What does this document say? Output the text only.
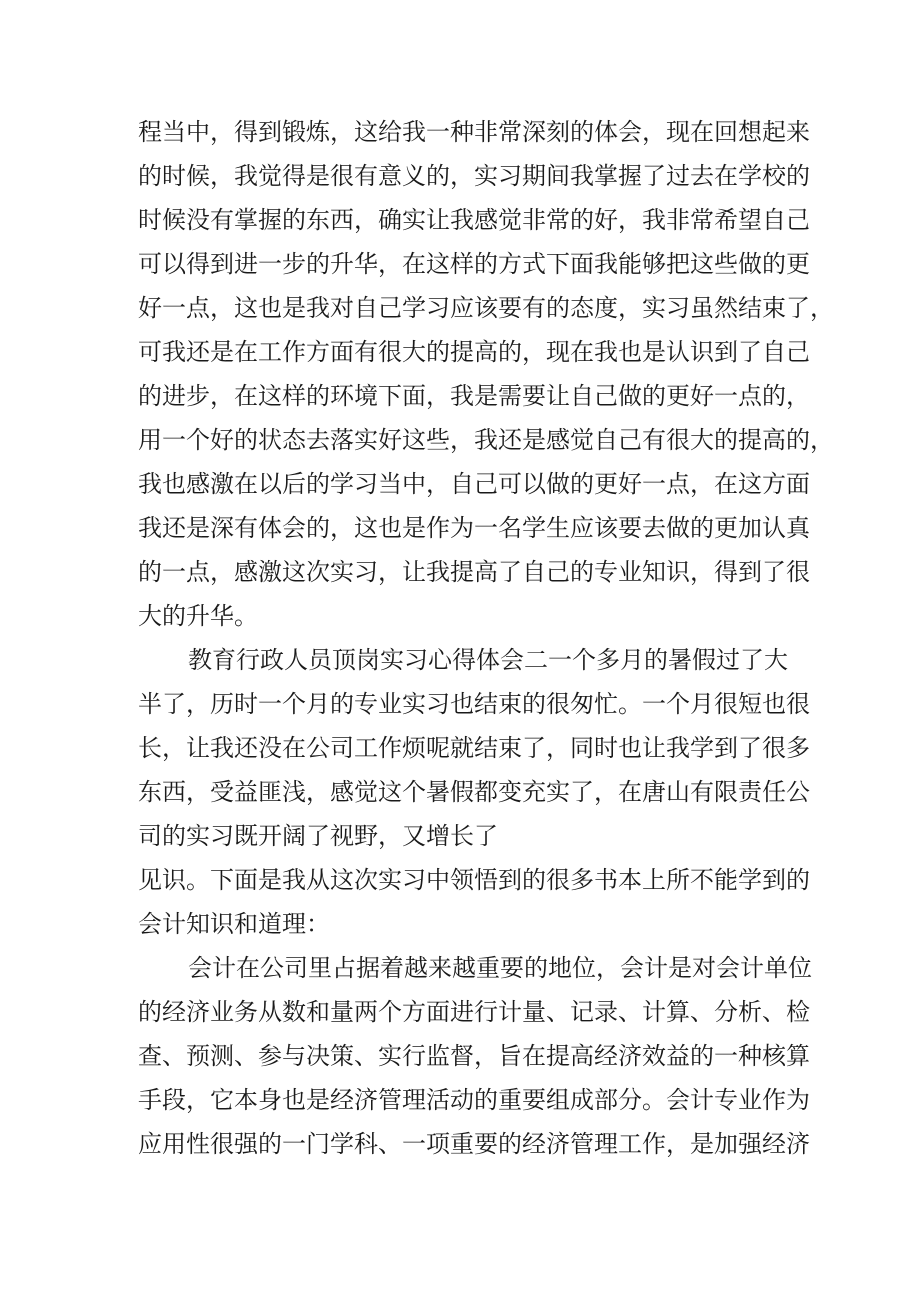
程当中，得到锻炼，这给我一种非常深刻的体会，现在回想起来
的时候，我觉得是很有意义的，实习期间我掌握了过去在学校的
时候没有掌握的东西，确实让我感觉非常的好，我非常希望自己
可以得到进一步的升华，在这样的方式下面我能够把这些做的更
好一点，这也是我对自己学习应该要有的态度，实习虽然结束了，
可我还是在工作方面有很大的提高的，现在我也是认识到了自己
的进步，在这样的环境下面，我是需要让自己做的更好一点的，
用一个好的状态去落实好这些，我还是感觉自己有很大的提高的，
我也感激在以后的学习当中，自己可以做的更好一点，在这方面
我还是深有体会的，这也是作为一名学生应该要去做的更加认真
的一点，感激这次实习，让我提高了自己的专业知识，得到了很
大的升华。
教育行政人员顶岗实习心得体会二一个多月的暑假过了大
半了，历时一个月的专业实习也结束的很匆忙。一个月很短也很
长，让我还没在公司工作烦呢就结束了，同时也让我学到了很多
东西，受益匪浅，感觉这个暑假都变充实了，在唐山有限责任公
司的实习既开阔了视野，又增长了
见识。下面是我从这次实习中领悟到的很多书本上所不能学到的
会计知识和道理：
会计在公司里占据着越来越重要的地位，会计是对会计单位
的经济业务从数和量两个方面进行计量、记录、计算、分析、检
查、预测、参与决策、实行监督，旨在提高经济效益的一种核算
手段，它本身也是经济管理活动的重要组成部分。会计专业作为
应用性很强的一门学科、一项重要的经济管理工作，是加强经济
